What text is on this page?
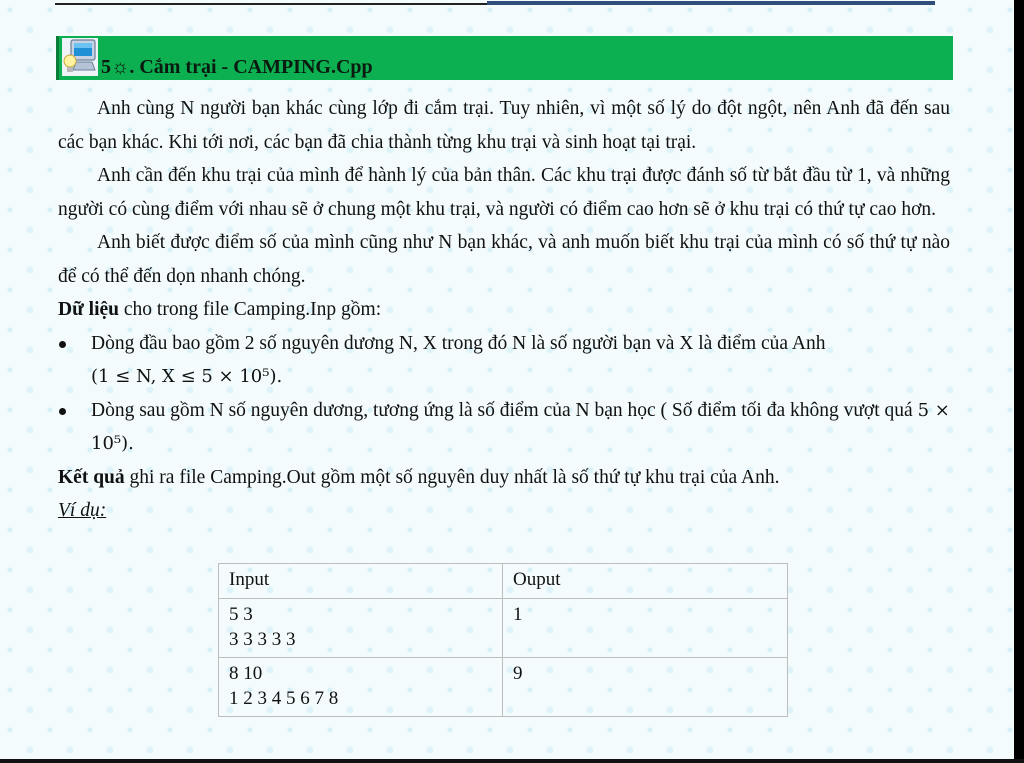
5☼. Cắm trại - CAMPING.Cpp

Anh cùng N người bạn khác cùng lớp đi cắm trại. Tuy nhiên, vì một số lý do đột ngột, nên Anh đã đến sau các bạn khác. Khi tới nơi, các bạn đã chia thành từng khu trại và sinh hoạt tại trại.

Anh cần đến khu trại của mình để hành lý của bản thân. Các khu trại được đánh số từ bắt đầu từ 1, và những người có cùng điểm với nhau sẽ ở chung một khu trại, và người có điểm cao hơn sẽ ở khu trại có thứ tự cao hơn.

Anh biết được điểm số của mình cũng như N bạn khác, và anh muốn biết khu trại của mình có số thứ tự nào để có thể đến dọn nhanh chóng.

Dữ liệu cho trong file Camping.Inp gồm:

Dòng đầu bao gồm 2 số nguyên dương N, X trong đó N là số người bạn và X là điểm của Anh
(1 ≤ N, X ≤ 5 × 10⁵).
Dòng sau gồm N số nguyên dương, tương ứng là số điểm của N bạn học ( Số điểm tối đa không vượt quá 5 × 10⁵).

Kết quả ghi ra file Camping.Out gồm một số nguyên duy nhất là số thứ tự khu trại của Anh.

Ví dụ:

Input	Ouput

5 3
3 3 3 3 3	1

8 10
1 2 3 4 5 6 7 8	9
